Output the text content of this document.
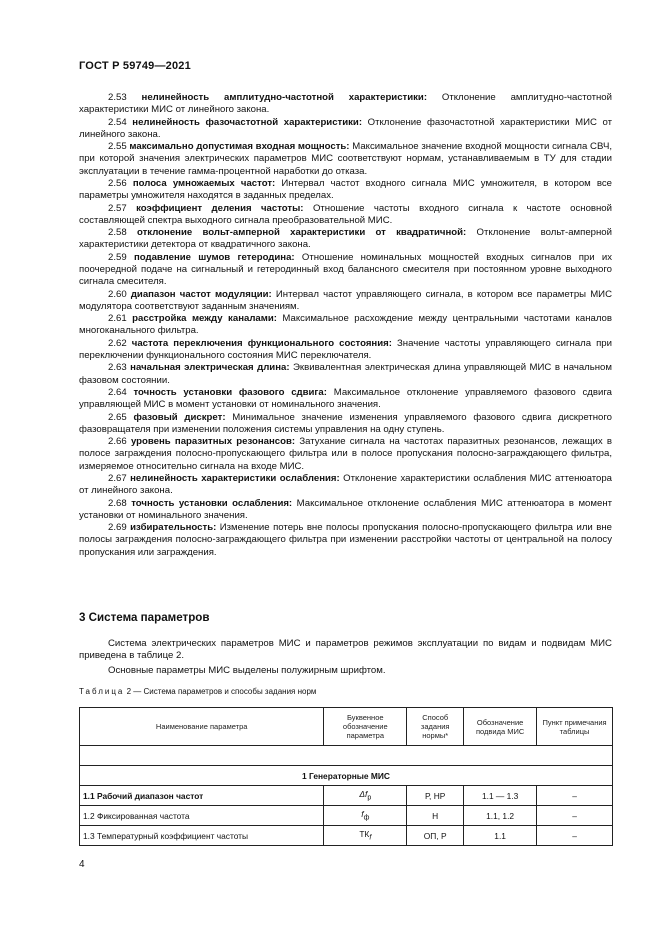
ГОСТ Р 59749—2021
2.53 нелинейность амплитудно-частотной характеристики: Отклонение амплитудно-частотной характеристики МИС от линейного закона.
2.54 нелинейность фазочастотной характеристики: Отклонение фазочастотной характеристики МИС от линейного закона.
2.55 максимально допустимая входная мощность: Максимальное значение входной мощности сигнала СВЧ, при которой значения электрических параметров МИС соответствуют нормам, устанавливаемым в ТУ для стадии эксплуатации в течение гамма-процентной наработки до отказа.
2.56 полоса умножаемых частот: Интервал частот входного сигнала МИС умножителя, в котором все параметры умножителя находятся в заданных пределах.
2.57 коэффициент деления частоты: Отношение частоты входного сигнала к частоте основной составляющей спектра выходного сигнала преобразовательной МИС.
2.58 отклонение вольт-амперной характеристики от квадратичной: Отклонение вольт-амперной характеристики детектора от квадратичного закона.
2.59 подавление шумов гетеродина: Отношение номинальных мощностей входных сигналов при их поочередной подаче на сигнальный и гетеродинный вход балансного смесителя при постоянном уровне выходного сигнала смесителя.
2.60 диапазон частот модуляции: Интервал частот управляющего сигнала, в котором все параметры МИС модулятора соответствуют заданным значениям.
2.61 расстройка между каналами: Максимальное расхождение между центральными частотами каналов многоканального фильтра.
2.62 частота переключения функционального состояния: Значение частоты управляющего сигнала при переключении функционального состояния МИС переключателя.
2.63 начальная электрическая длина: Эквивалентная электрическая длина управляющей МИС в начальном фазовом состоянии.
2.64 точность установки фазового сдвига: Максимальное отклонение управляемого фазового сдвига управляющей МИС в момент установки от номинального значения.
2.65 фазовый дискрет: Минимальное значение изменения управляемого фазового сдвига дискретного фазовращателя при изменении положения системы управления на одну ступень.
2.66 уровень паразитных резонансов: Затухание сигнала на частотах паразитных резонансов, лежащих в полосе заграждения полосно-пропускающего фильтра или в полосе пропускания полосно-заграждающего фильтра, измеряемое относительно сигнала на входе МИС.
2.67 нелинейность характеристики ослабления: Отклонение характеристики ослабления МИС аттенюатора от линейного закона.
2.68 точность установки ослабления: Максимальное отклонение ослабления МИС аттенюатора в момент установки от номинального значения.
2.69 избирательность: Изменение потерь вне полосы пропускания полосно-пропускающего фильтра или вне полосы заграждения полосно-заграждающего фильтра при изменении расстройки частоты от центральной на полосу пропускания или заграждения.
3 Система параметров
Система электрических параметров МИС и параметров режимов эксплуатации по видам и подвидам МИС приведена в таблице 2.
Основные параметры МИС выделены полужирным шрифтом.
Таблица 2 — Система параметров и способы задания норм
Наименование параметра	Буквенное обозначение параметра	Способ задания нормы*	Обозначение подвида МИС	Пункт примечания таблицы

1 Генераторные МИС				
1.1 Рабочий диапазон частот	$\Delta f_р$	Р, НР	1.1 — 1.3	–
1.2 Фиксированная частота	$f_ф$	Н	1.1, 1.2	–
1.3 Температурный коэффициент частоты	$ТК_f$	ОП, Р	1.1	–
4
